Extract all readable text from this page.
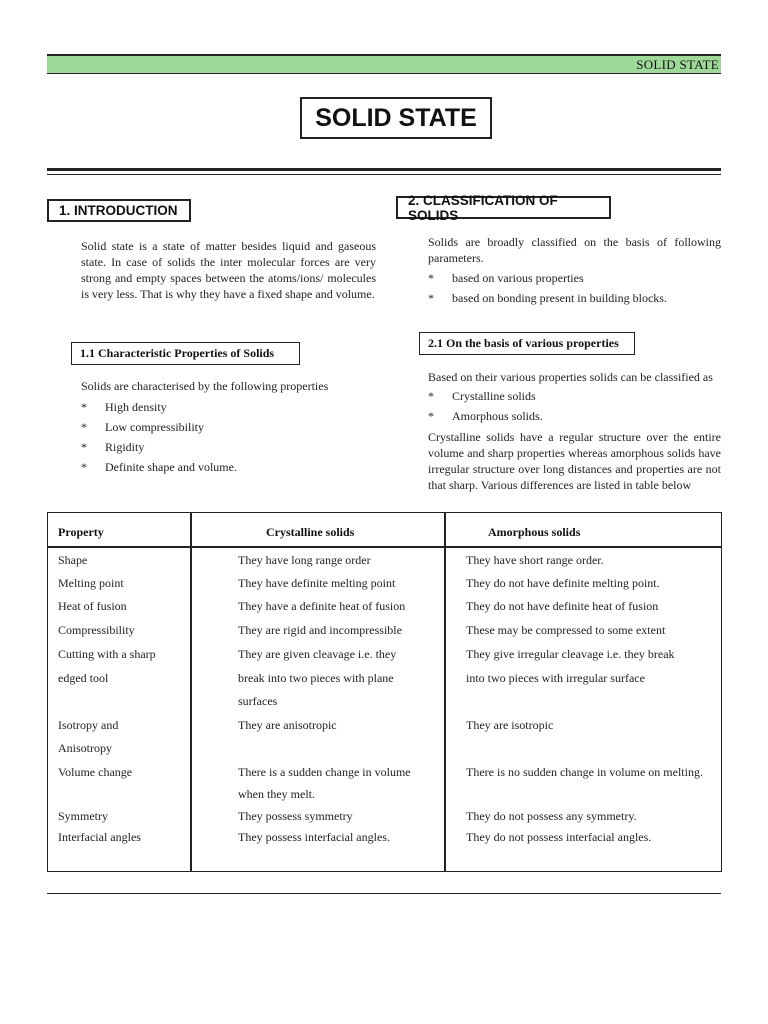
SOLID STATE
SOLID STATE
1. INTRODUCTION
Solid state is a state of matter besides liquid and gaseous state. In case of solids the inter molecular forces are very strong and empty spaces between the atoms/ions/ molecules is very less. That is why they have a fixed shape and volume.
1.1 Characteristic Properties of Solids
Solids are characterised by the following properties
*	High density
*	Low compressibility
*	Rigidity
*	Definite shape and volume.
2. CLASSIFICATION OF SOLIDS
Solids are broadly classified on the basis of following parameters.
*	based on various properties
*	based on bonding present in building blocks.
2.1 On the basis of various properties
Based on their various properties solids can be classified as
*	Crystalline solids
*	Amorphous solids.
Crystalline solids have a regular structure over the entire volume and sharp properties whereas amorphous solids have irregular structure over long distances and properties are not that sharp. Various differences are listed in table below
Property	Crystalline solids	Amorphous solids
Shape	They have long range order	They have short range order.
Melting point	They have definite melting point	They do not have definite melting point.
Heat of fusion	They have a definite heat of fusion	They do not have definite heat of fusion
Compressibility	They are rigid and incompressible	These may be compressed to some extent
Cutting with a sharp	They are given cleavage i.e. they	They give irregular cleavage i.e. they break
edged tool	break into two pieces with plane	into two pieces with irregular surface
surfaces
Isotropy and	They are anisotropic	They are isotropic
Anisotropy
Volume change	There is a sudden change in volume	There is no sudden change in volume on melting.
when they melt.
Symmetry	They possess symmetry	They do not possess any symmetry.
Interfacial angles	They possess interfacial angles.	They do not possess interfacial angles.
